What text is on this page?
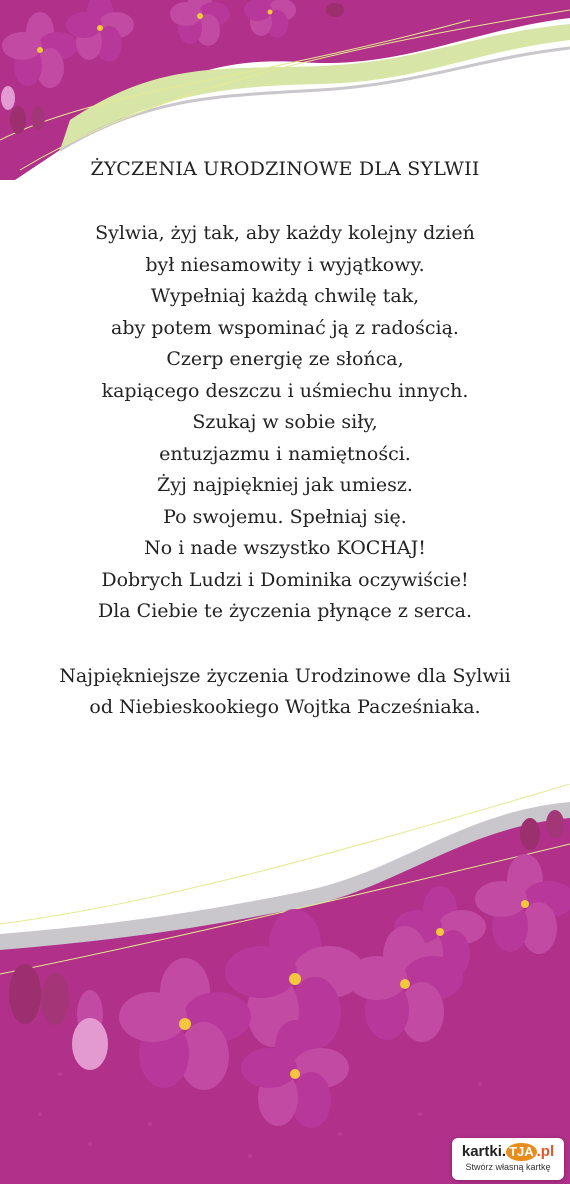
ŻYCZENIA URODZINOWE DLA SYLWII

Sylwia, żyj tak, aby każdy kolejny dzień

był niesamowity i wyjątkowy.

Wypełniaj każdą chwilę tak,

aby potem wspominać ją z radością.

Czerp energię ze słońca,

kapiącego deszczu i uśmiechu innych.

Szukaj w sobie siły,

entuzjazmu i namiętności.

Żyj najpiękniej jak umiesz.

Po swojemu. Spełniaj się.

No i nade wszystko KOCHAJ!

Dobrych Ludzi i Dominika oczywiście!

Dla Ciebie te życzenia płynące z serca.

Najpiękniejsze życzenia Urodzinowe dla Sylwii

od Niebieskookiego Wojtka Pacześniaka.

kartki. TJA .pl
Stwórz własną kartkę
